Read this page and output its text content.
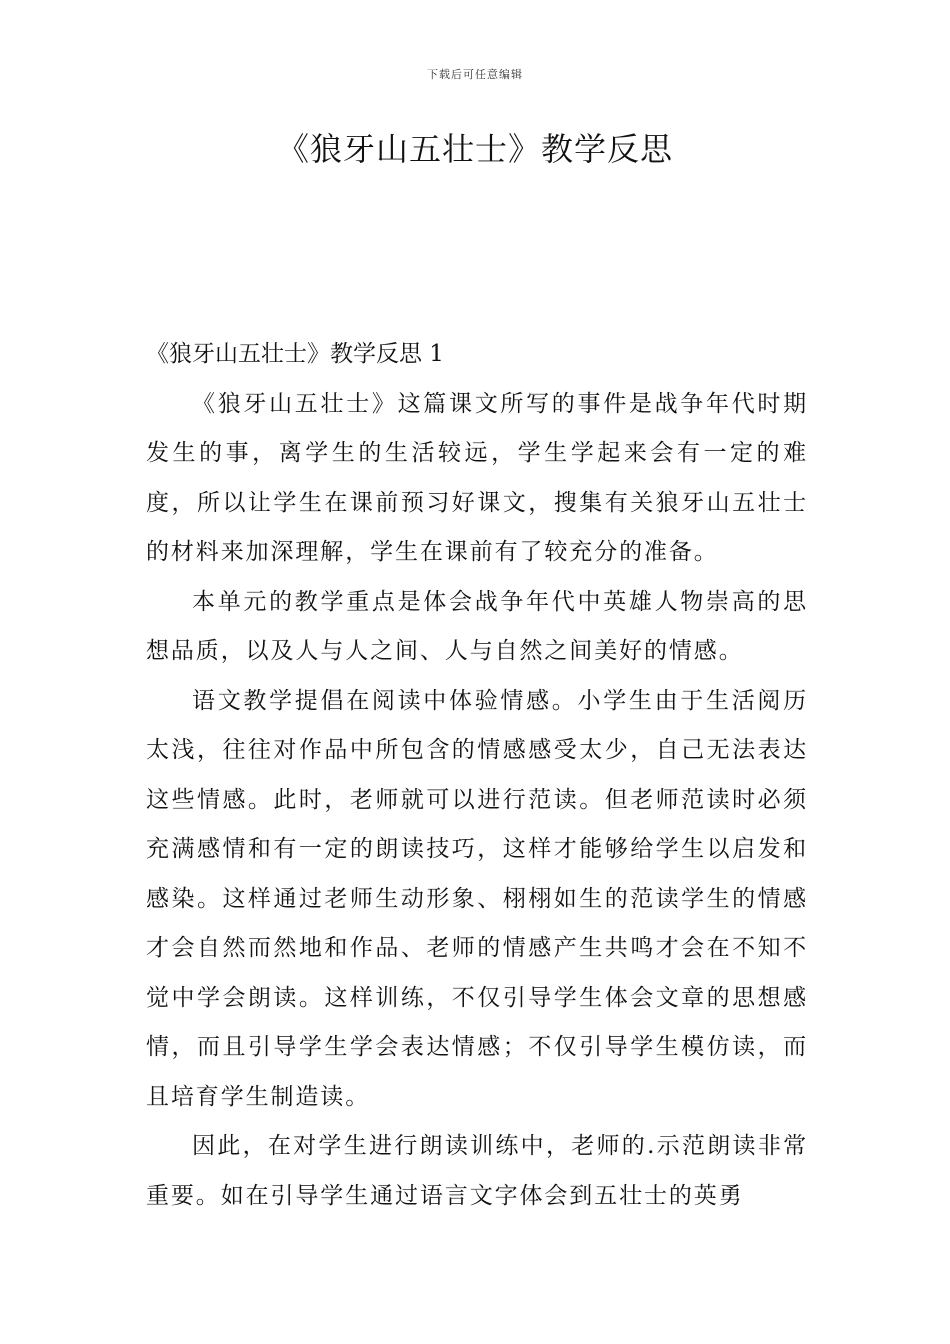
下载后可任意编辑
《狼牙山五壮士》教学反思

《狼牙山五壮士》教学反思 1

《狼牙山五壮士》这篇课文所写的事件是战争年代时期发生的事，离学生的生活较远，学生学起来会有一定的难度，所以让学生在课前预习好课文，搜集有关狼牙山五壮士的材料来加深理解，学生在课前有了较充分的准备。

本单元的教学重点是体会战争年代中英雄人物崇高的思想品质，以及人与人之间、人与自然之间美好的情感。

语文教学提倡在阅读中体验情感。小学生由于生活阅历太浅，往往对作品中所包含的情感感受太少，自己无法表达这些情感。此时，老师就可以进行范读。但老师范读时必须充满感情和有一定的朗读技巧，这样才能够给学生以启发和感染。这样通过老师生动形象、栩栩如生的范读学生的情感才会自然而然地和作品、老师的情感产生共鸣才会在不知不觉中学会朗读。这样训练，不仅引导学生体会文章的思想感情，而且引导学生学会表达情感；不仅引导学生模仿读，而且培育学生制造读。

因此，在对学生进行朗读训练中，老师的.示范朗读非常重要。如在引导学生通过语言文字体会到五壮士的英勇
